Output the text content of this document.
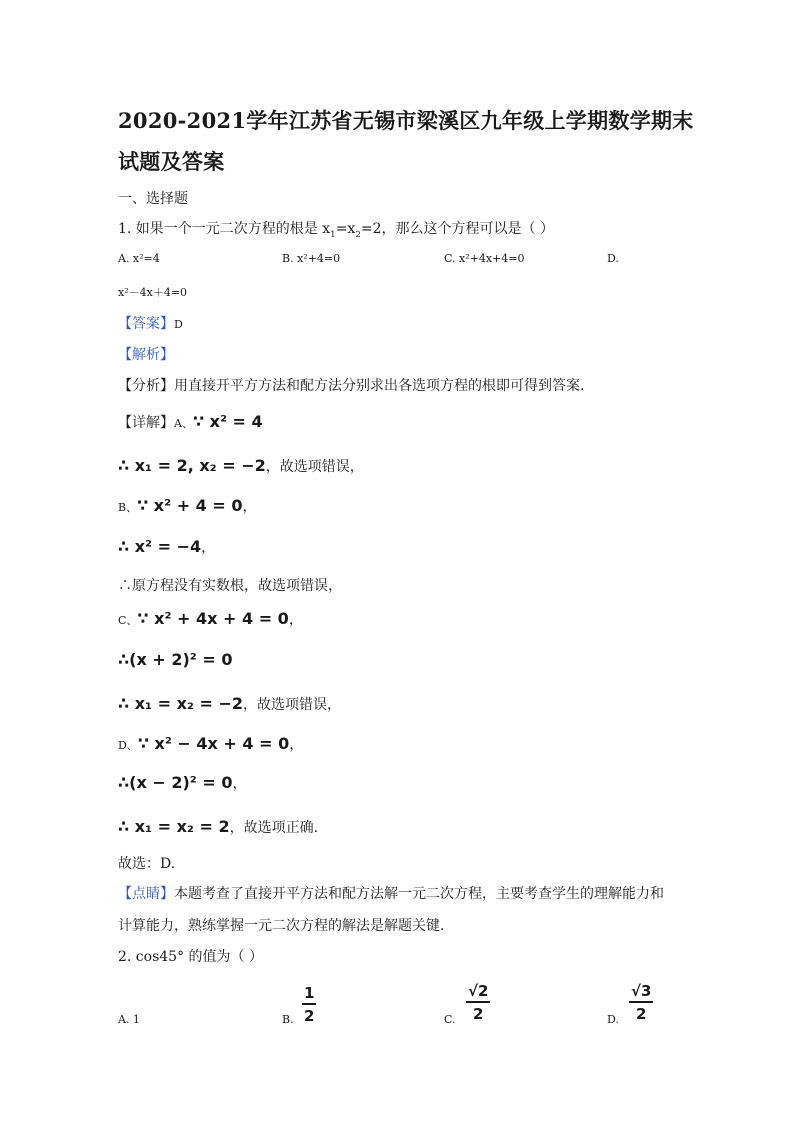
2020-2021学年江苏省无锡市梁溪区九年级上学期数学期末
试题及答案
一、选择题
1. 如果一个一元二次方程的根是 $x_1=x_2=2$，那么这个方程可以是（ ）
A. x²=4	B. x²+4=0	C. x²+4x+4=0	D.
x²－4x＋4=0
【答案】D
【解析】
【分析】用直接开平方方法和配方法分别求出各选项方程的根即可得到答案.
【详解】A、∵ x² = 4
∴ x₁ = 2, x₂ = −2，故选项错误，
B、∵ x² + 4 = 0，
∴ x² = −4，
∴原方程没有实数根，故选项错误，
C、∵ x² + 4x + 4 = 0，
∴(x + 2)² = 0
∴ x₁ = x₂ = −2，故选项错误，
D、∵ x² − 4x + 4 = 0，
∴(x − 2)² = 0，
∴ x₁ = x₂ = 2，故选项正确.
故选：D.
【点睛】本题考查了直接开平方法和配方法解一元二次方程，主要考查学生的理解能力和
计算能力，熟练掌握一元二次方程的解法是解题关键.
2. cos45° 的值为（ ）
A. 1	B. $\frac{1}{2}$	C. $\frac{√2}{2}$	D. $\frac{√3}{2}$
